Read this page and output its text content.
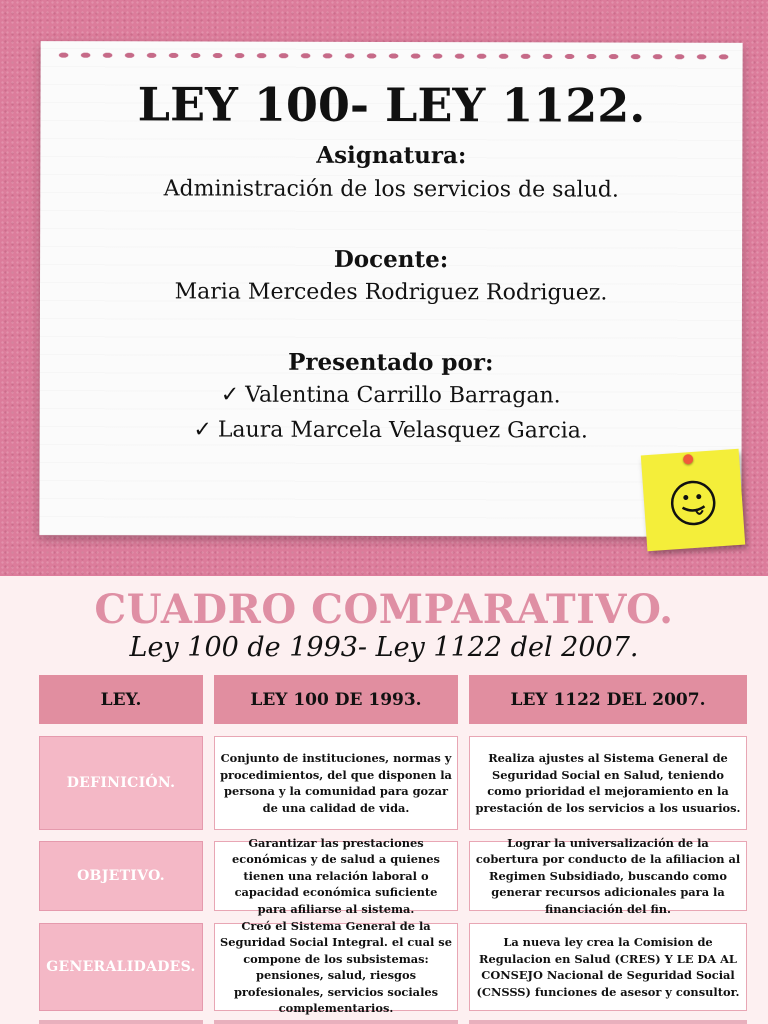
LEY 100- LEY 1122.
Asignatura:
Administración de los servicios de salud.
Docente:
Maria Mercedes Rodriguez Rodriguez.
Presentado por:
✓ Valentina Carrillo Barragan.
✓ Laura Marcela Velasquez Garcia.
CUADRO COMPARATIVO.
Ley 100 de 1993- Ley 1122 del 2007.
LEY.	LEY 100 DE 1993.	LEY 1122 DEL 2007.
DEFINICIÓN.
Conjunto de instituciones, normas y procedimientos, del que disponen la persona y la comunidad para gozar de una calidad de vida.
Realiza ajustes al Sistema General de Seguridad Social en Salud, teniendo como prioridad el mejoramiento en la prestación de los servicios a los usuarios.
OBJETIVO.
Garantizar las prestaciones económicas y de salud a quienes tienen una relación laboral o capacidad económica suficiente para afiliarse al sistema.
Lograr la universalización de la cobertura por conducto de la afiliacion al Regimen Subsidiado, buscando como generar recursos adicionales para la financiación del fin.
GENERALIDADES.
Creó el Sistema General de la Seguridad Social Integral. el cual se compone de los subsistemas: pensiones, salud, riesgos profesionales, servicios sociales complementarios.
La nueva ley crea la Comision de Regulacion en Salud (CRES) Y LE DA AL CONSEJO Nacional de Seguridad Social (CNSSS) funciones de asesor y consultor.
